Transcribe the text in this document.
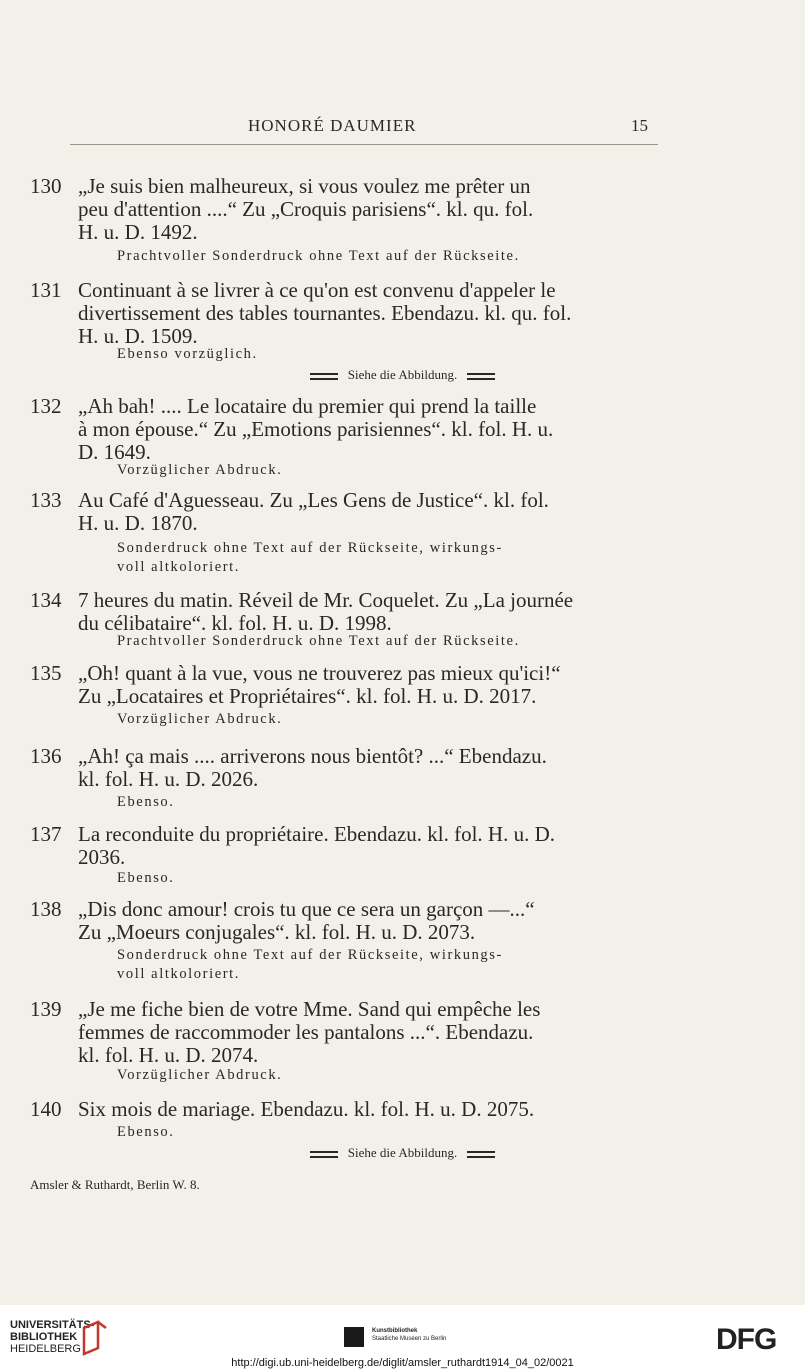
HONORÉ DAUMIER	15
130 „Je suis bien malheureux, si vous voulez me prêter un
peu d'attention ....“ Zu „Croquis parisiens“. kl. qu. fol.
H. u. D. 1492.
Prachtvoller Sonderdruck ohne Text auf der Rückseite.
131 Continuant à se livrer à ce qu'on est convenu d'appeler le
divertissement des tables tournantes. Ebendazu. kl. qu. fol.
H. u. D. 1509.
Ebenso vorzüglich.
Siehe die Abbildung.
132 „Ah bah! .... Le locataire du premier qui prend la taille
à mon épouse.“ Zu „Emotions parisiennes“. kl. fol. H. u.
D. 1649.
Vorzüglicher Abdruck.
133 Au Café d'Aguesseau. Zu „Les Gens de Justice“. kl. fol.
H. u. D. 1870.
Sonderdruck ohne Text auf der Rückseite, wirkungs-
voll altkoloriert.
134 7 heures du matin. Réveil de Mr. Coquelet. Zu „La journée
du célibataire“. kl. fol. H. u. D. 1998.
Prachtvoller Sonderdruck ohne Text auf der Rückseite.
135 „Oh! quant à la vue, vous ne trouverez pas mieux qu'ici!“
Zu „Locataires et Propriétaires“. kl. fol. H. u. D. 2017.
Vorzüglicher Abdruck.
136 „Ah! ça mais .... arriverons nous bientôt? ...“ Ebendazu.
kl. fol. H. u. D. 2026.
Ebenso.
137 La reconduite du propriétaire. Ebendazu. kl. fol. H. u. D.
2036.
Ebenso.
138 „Dis donc amour! crois tu que ce sera un garçon —...“
Zu „Moeurs conjugales“. kl. fol. H. u. D. 2073.
Sonderdruck ohne Text auf der Rückseite, wirkungs-
voll altkoloriert.
139 „Je me fiche bien de votre Mme. Sand qui empêche les
femmes de raccommoder les pantalons ...“. Ebendazu.
kl. fol. H. u. D. 2074.
Vorzüglicher Abdruck.
140 Six mois de mariage. Ebendazu. kl. fol. H. u. D. 2075.
Ebenso.
Siehe die Abbildung.
Amsler & Ruthardt, Berlin W. 8.
UNIVERSITÄTS-
BIBLIOTHEK
HEIDELBERG
Kunstbibliothek
Staatliche Museen zu Berlin	DFG
http://digi.ub.uni-heidelberg.de/diglit/amsler_ruthardt1914_04_02/0021
